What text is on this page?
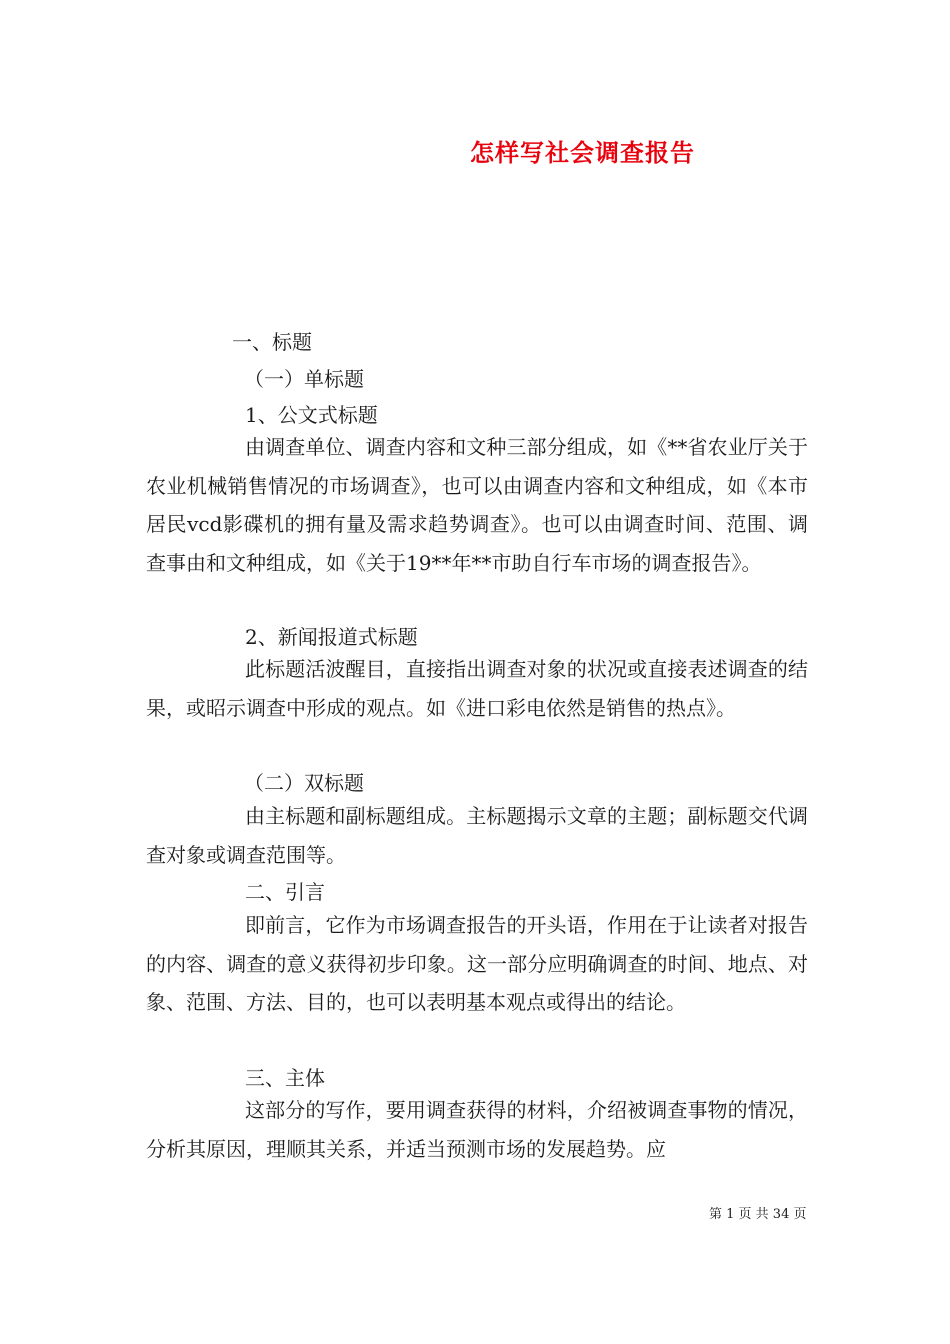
怎样写社会调查报告
一、标题
（一）单标题
1、公文式标题
由调查单位、调查内容和文种三部分组成，如《**省农业厅关于农业机械销售情况的市场调查》，也可以由调查内容和文种组成，如《本市居民vcd影碟机的拥有量及需求趋势调查》。也可以由调查时间、范围、调查事由和文种组成，如《关于19**年**市助自行车市场的调查报告》。
2、新闻报道式标题
此标题活波醒目，直接指出调查对象的状况或直接表述调查的结果，或昭示调查中形成的观点。如《进口彩电依然是销售的热点》。
（二）双标题
由主标题和副标题组成。主标题揭示文章的主题；副标题交代调查对象或调查范围等。
二、引言
即前言，它作为市场调查报告的开头语，作用在于让读者对报告的内容、调查的意义获得初步印象。这一部分应明确调查的时间、地点、对象、范围、方法、目的，也可以表明基本观点或得出的结论。
三、主体
这部分的写作，要用调查获得的材料，介绍被调查事物的情况，分析其原因，理顺其关系，并适当预测市场的发展趋势。应
第 1 页 共 34 页
